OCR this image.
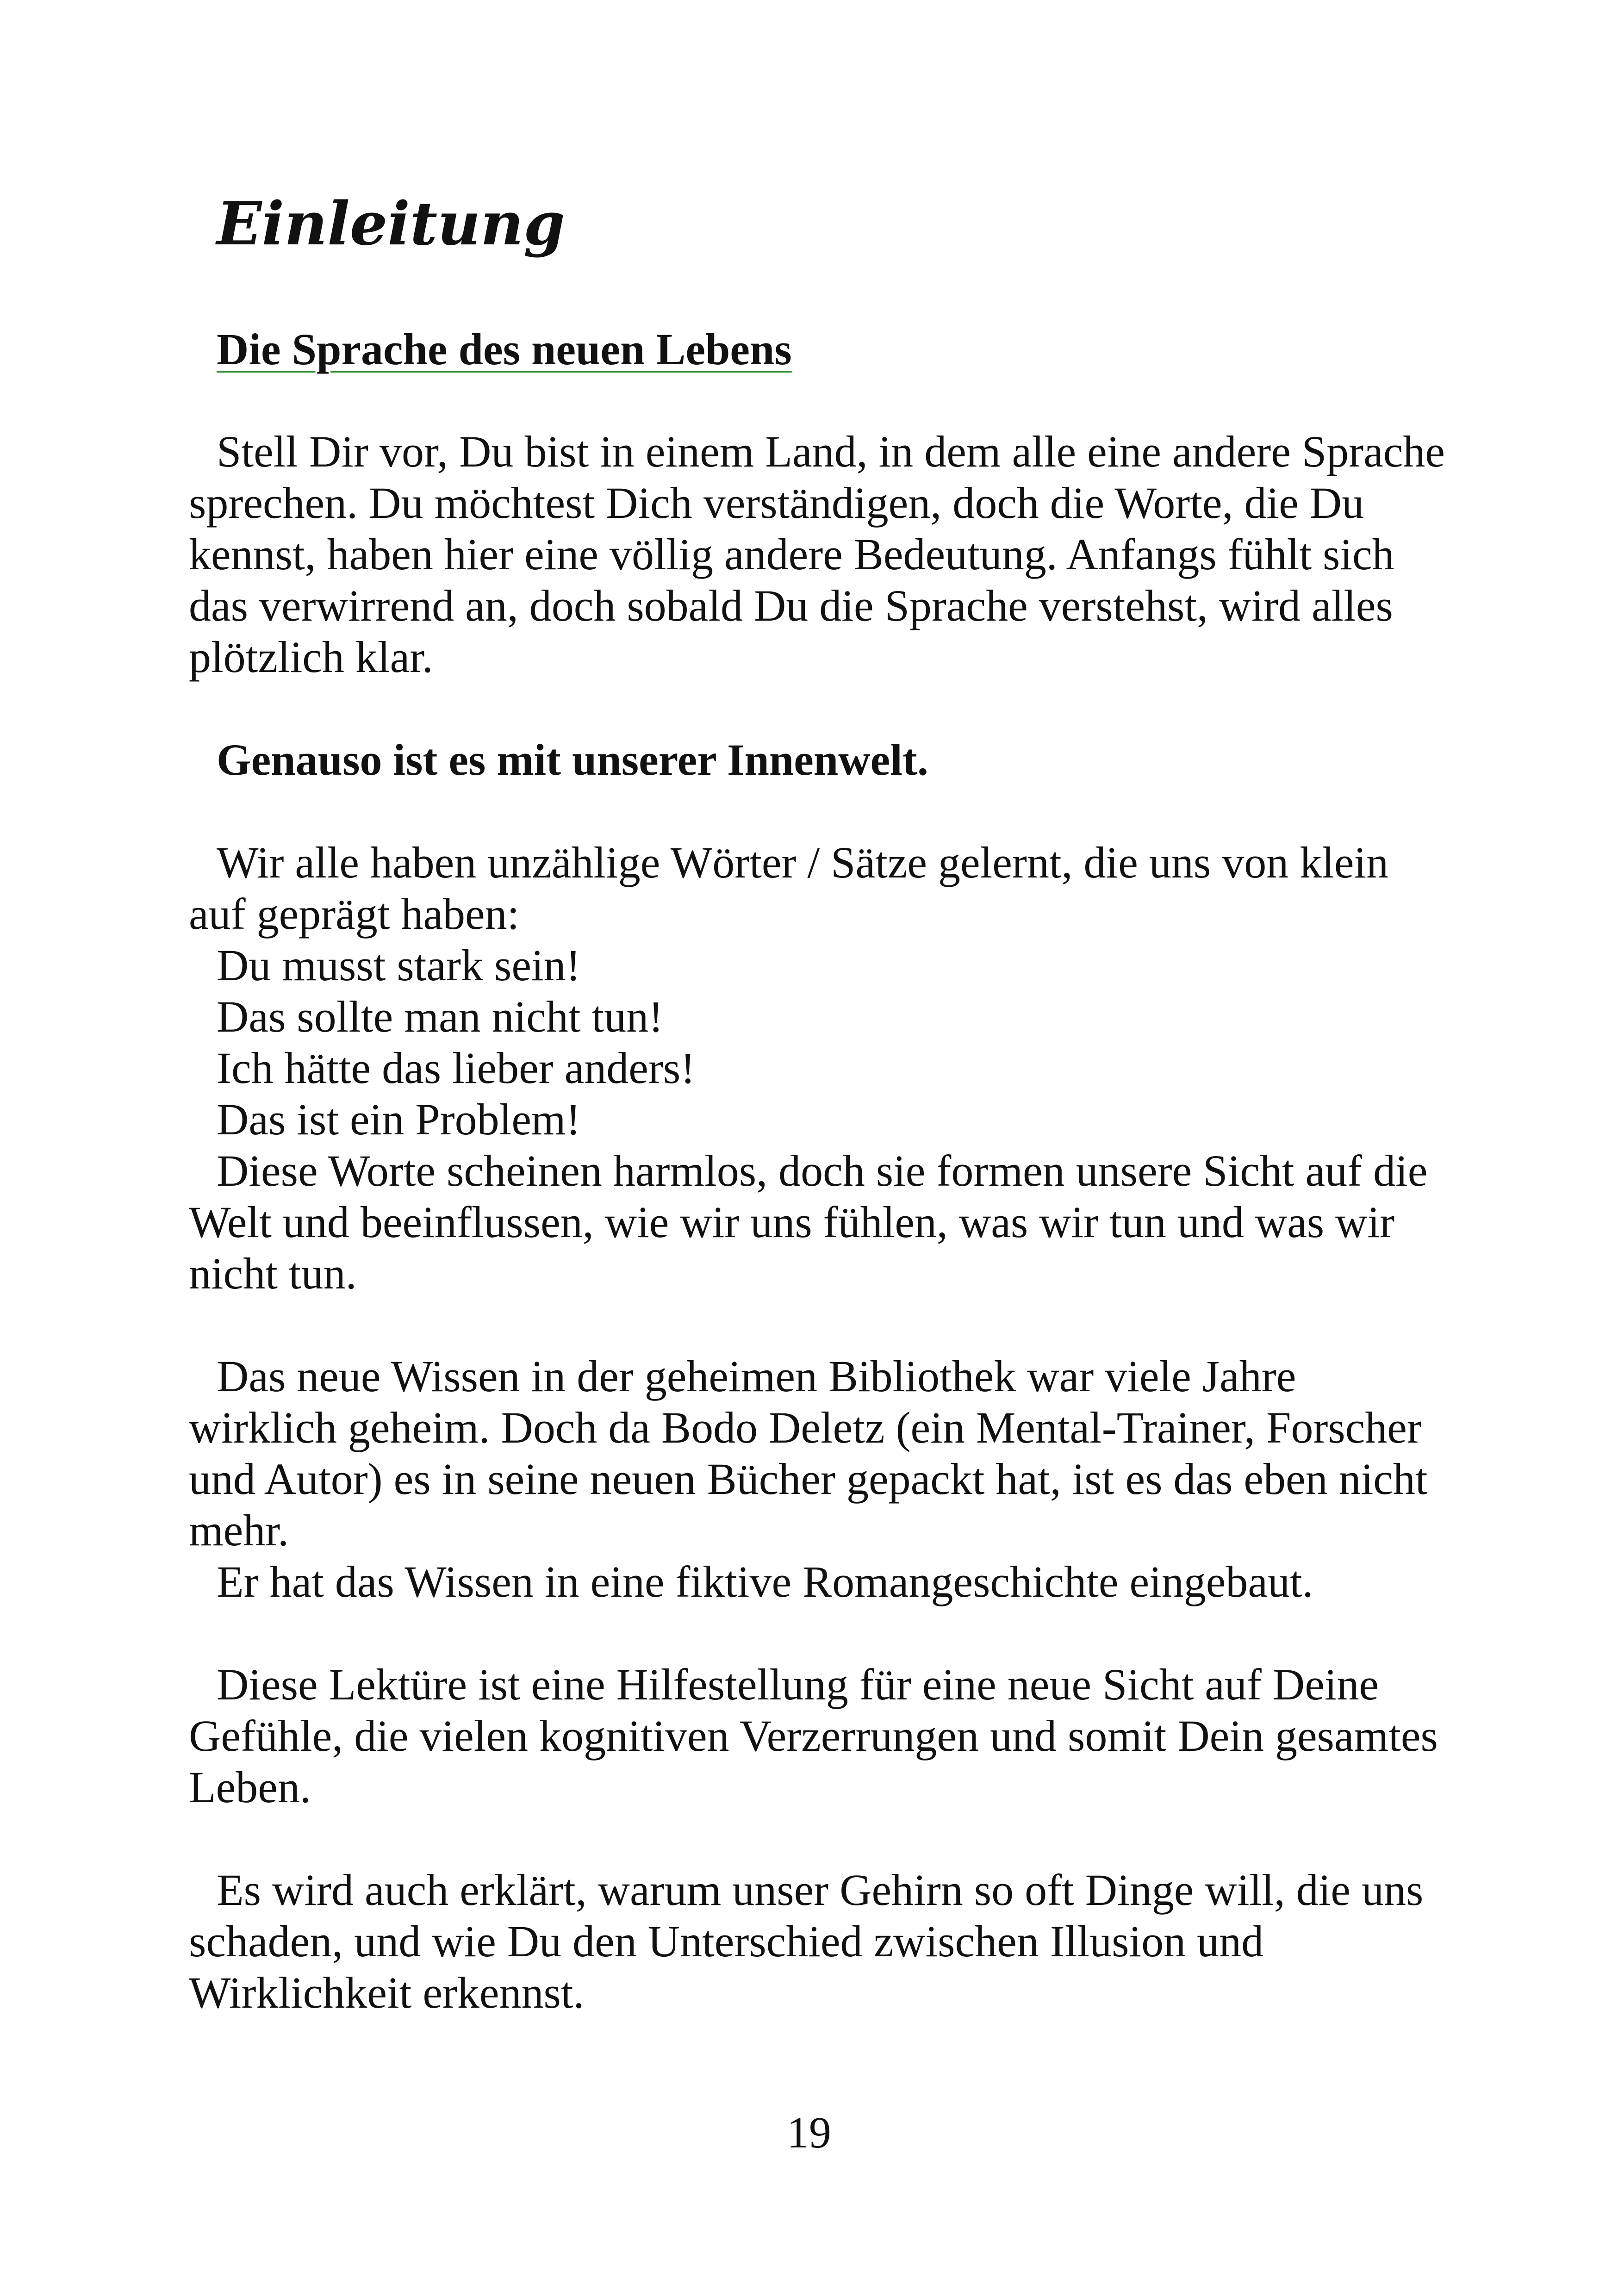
Einleitung
Die Sprache des neuen Lebens

Stell Dir vor, Du bist in einem Land, in dem alle eine andere Sprache sprechen. Du möchtest Dich verständigen, doch die Worte, die Du kennst, haben hier eine völlig andere Bedeutung. Anfangs fühlt sich das verwirrend an, doch sobald Du die Sprache verstehst, wird alles plötzlich klar.

Genauso ist es mit unserer Innenwelt.

Wir alle haben unzählige Wörter / Sätze gelernt, die uns von klein auf geprägt haben:

Du musst stark sein!

Das sollte man nicht tun!

Ich hätte das lieber anders!

Das ist ein Problem!

Diese Worte scheinen harmlos, doch sie formen unsere Sicht auf die Welt und beeinflussen, wie wir uns fühlen, was wir tun und was wir nicht tun.

Das neue Wissen in der geheimen Bibliothek war viele Jahre wirklich geheim. Doch da Bodo Deletz (ein Mental-Trainer, Forscher und Autor) es in seine neuen Bücher gepackt hat, ist es das eben nicht mehr.

Er hat das Wissen in eine fiktive Romangeschichte eingebaut.

Diese Lektüre ist eine Hilfestellung für eine neue Sicht auf Deine Gefühle, die vielen kognitiven Verzerrungen und somit Dein gesamtes Leben.

Es wird auch erklärt, warum unser Gehirn so oft Dinge will, die uns schaden, und wie Du den Unterschied zwischen Illusion und Wirklichkeit erkennst.

19
